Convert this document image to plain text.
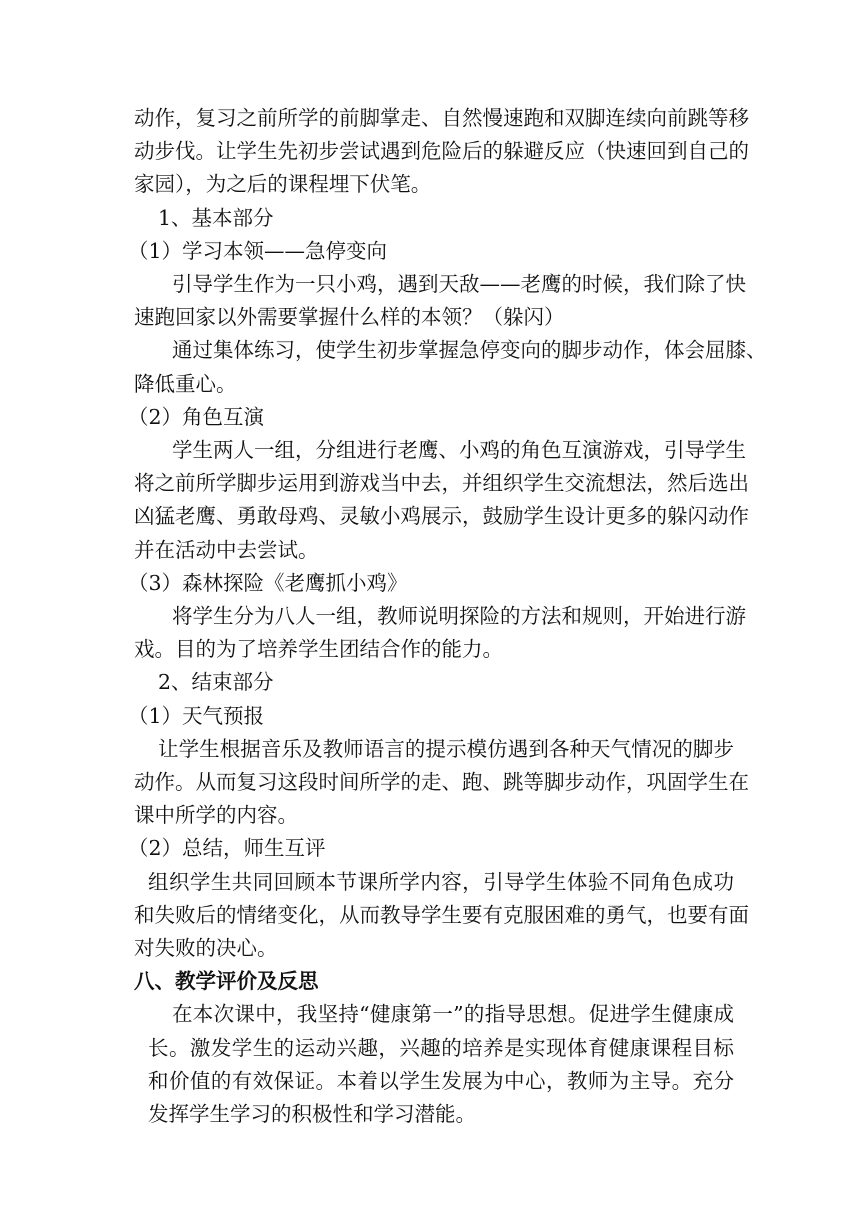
动作，复习之前所学的前脚掌走、自然慢速跑和双脚连续向前跳等移
动步伐。让学生先初步尝试遇到危险后的躲避反应（快速回到自己的
家园），为之后的课程埋下伏笔。
1、基本部分
（1）学习本领——急停变向
引导学生作为一只小鸡，遇到天敌——老鹰的时候，我们除了快
速跑回家以外需要掌握什么样的本领？（躲闪）
通过集体练习，使学生初步掌握急停变向的脚步动作，体会屈膝、
降低重心。
（2）角色互演
学生两人一组，分组进行老鹰、小鸡的角色互演游戏，引导学生
将之前所学脚步运用到游戏当中去，并组织学生交流想法，然后选出
凶猛老鹰、勇敢母鸡、灵敏小鸡展示，鼓励学生设计更多的躲闪动作
并在活动中去尝试。
（3）森林探险《老鹰抓小鸡》
将学生分为八人一组，教师说明探险的方法和规则，开始进行游
戏。目的为了培养学生团结合作的能力。
2、结束部分
（1）天气预报
让学生根据音乐及教师语言的提示模仿遇到各种天气情况的脚步
动作。从而复习这段时间所学的走、跑、跳等脚步动作，巩固学生在
课中所学的内容。
（2）总结，师生互评
组织学生共同回顾本节课所学内容，引导学生体验不同角色成功
和失败后的情绪变化，从而教导学生要有克服困难的勇气，也要有面
对失败的决心。
八、教学评价及反思
在本次课中，我坚持“健康第一”的指导思想。促进学生健康成
长。激发学生的运动兴趣，兴趣的培养是实现体育健康课程目标
和价值的有效保证。本着以学生发展为中心，教师为主导。充分
发挥学生学习的积极性和学习潜能。
